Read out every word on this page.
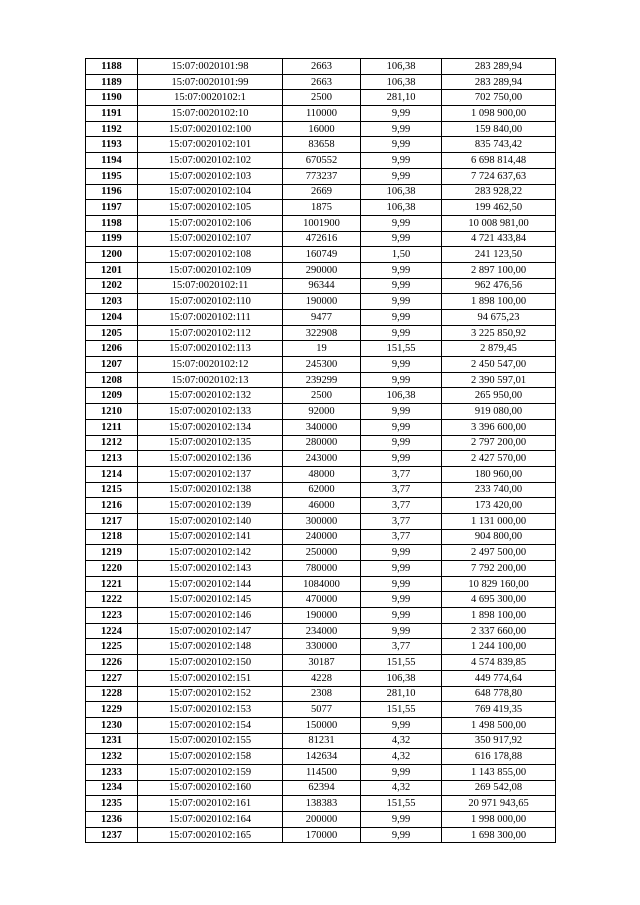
1188	15:07:0020101:98	2663	106,38	283 289,94
1189	15:07:0020101:99	2663	106,38	283 289,94
1190	15:07:0020102:1	2500	281,10	702 750,00
1191	15:07:0020102:10	110000	9,99	1 098 900,00
1192	15:07:0020102:100	16000	9,99	159 840,00
1193	15:07:0020102:101	83658	9,99	835 743,42
1194	15:07:0020102:102	670552	9,99	6 698 814,48
1195	15:07:0020102:103	773237	9,99	7 724 637,63
1196	15:07:0020102:104	2669	106,38	283 928,22
1197	15:07:0020102:105	1875	106,38	199 462,50
1198	15:07:0020102:106	1001900	9,99	10 008 981,00
1199	15:07:0020102:107	472616	9,99	4 721 433,84
1200	15:07:0020102:108	160749	1,50	241 123,50
1201	15:07:0020102:109	290000	9,99	2 897 100,00
1202	15:07:0020102:11	96344	9,99	962 476,56
1203	15:07:0020102:110	190000	9,99	1 898 100,00
1204	15:07:0020102:111	9477	9,99	94 675,23
1205	15:07:0020102:112	322908	9,99	3 225 850,92
1206	15:07:0020102:113	19	151,55	2 879,45
1207	15:07:0020102:12	245300	9,99	2 450 547,00
1208	15:07:0020102:13	239299	9,99	2 390 597,01
1209	15:07:0020102:132	2500	106,38	265 950,00
1210	15:07:0020102:133	92000	9,99	919 080,00
1211	15:07:0020102:134	340000	9,99	3 396 600,00
1212	15:07:0020102:135	280000	9,99	2 797 200,00
1213	15:07:0020102:136	243000	9,99	2 427 570,00
1214	15:07:0020102:137	48000	3,77	180 960,00
1215	15:07:0020102:138	62000	3,77	233 740,00
1216	15:07:0020102:139	46000	3,77	173 420,00
1217	15:07:0020102:140	300000	3,77	1 131 000,00
1218	15:07:0020102:141	240000	3,77	904 800,00
1219	15:07:0020102:142	250000	9,99	2 497 500,00
1220	15:07:0020102:143	780000	9,99	7 792 200,00
1221	15:07:0020102:144	1084000	9,99	10 829 160,00
1222	15:07:0020102:145	470000	9,99	4 695 300,00
1223	15:07:0020102:146	190000	9,99	1 898 100,00
1224	15:07:0020102:147	234000	9,99	2 337 660,00
1225	15:07:0020102:148	330000	3,77	1 244 100,00
1226	15:07:0020102:150	30187	151,55	4 574 839,85
1227	15:07:0020102:151	4228	106,38	449 774,64
1228	15:07:0020102:152	2308	281,10	648 778,80
1229	15:07:0020102:153	5077	151,55	769 419,35
1230	15:07:0020102:154	150000	9,99	1 498 500,00
1231	15:07:0020102:155	81231	4,32	350 917,92
1232	15:07:0020102:158	142634	4,32	616 178,88
1233	15:07:0020102:159	114500	9,99	1 143 855,00
1234	15:07:0020102:160	62394	4,32	269 542,08
1235	15:07:0020102:161	138383	151,55	20 971 943,65
1236	15:07:0020102:164	200000	9,99	1 998 000,00
1237	15:07:0020102:165	170000	9,99	1 698 300,00
